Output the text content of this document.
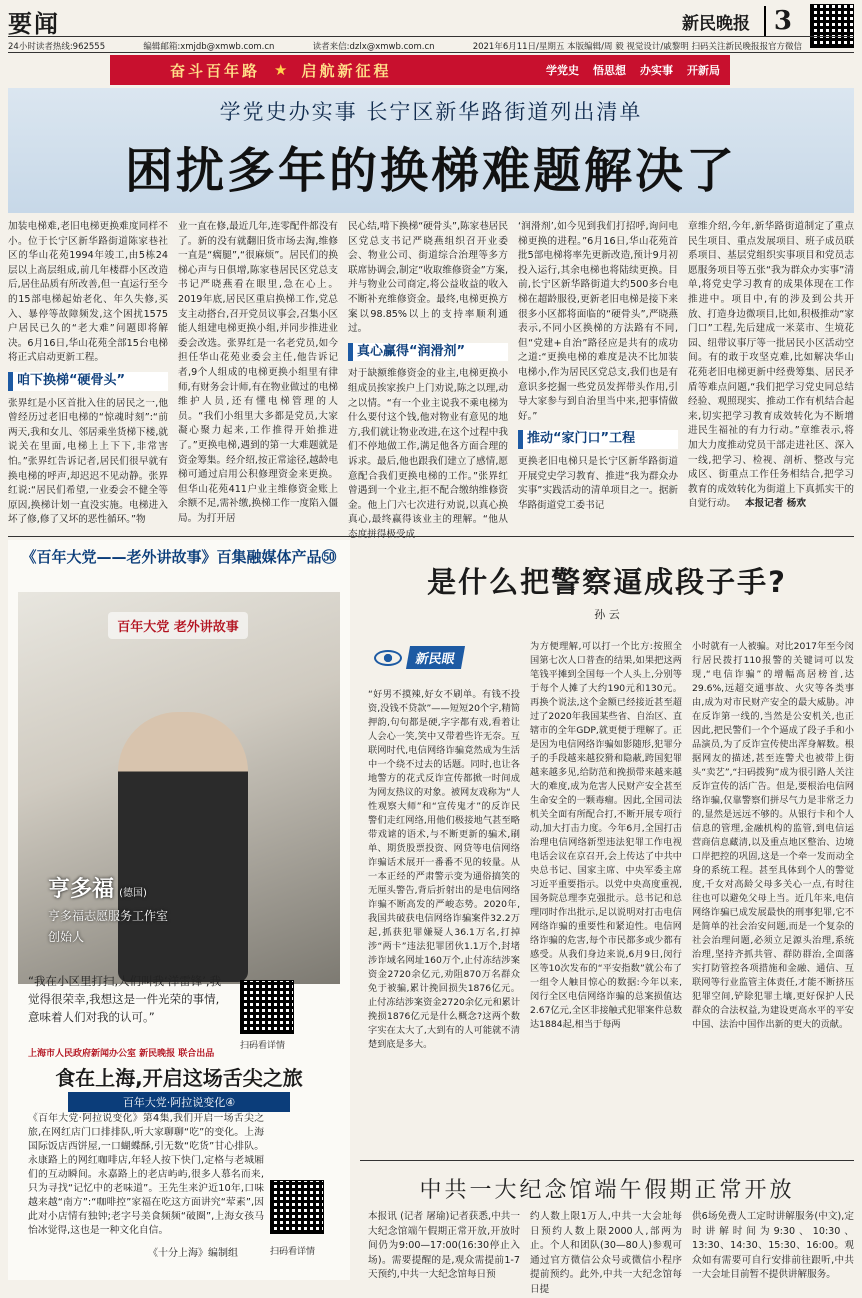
要闻	新民晚报 3
24小时读者热线:962555	编辑邮箱:xmjdb@xmwb.com.cn	读者来信:dzlx@xmwb.com.cn	2021年6月11日/星期五 本版编辑/周 毅 视觉设计/戚黎明 扫码关注新民晚报报官方微信
奋斗百年路 ★ 启航新征程	学党史 悟思想 办实事 开新局
学党史办实事 长宁区新华路街道列出清单
困扰多年的换梯难题解决了
加装电梯难,老旧电梯更换难度同样不小。位于长宁区新华路街道陈家巷社区的华山花苑1994年竣工,由5栋24层以上高层组成,前几年楼群小区改造后,居住品质有所改善,但一直运行至今的15部电梯起始老化、年久失修,买入、暴停等故障频发,这个困扰1575户居民已久的“老大难”问题即将解决。6月16日,华山花苑全部15台电梯将正式启动更新工程。
咱下换梯“硬骨头”
张界红是小区首批入住的居民之一,他曾经历过老旧电梯的“惊魂时刻”:“前两天,我和女儿、邻居乘坐货梯下楼,就说关在里面,电梯上上下下,非常害怕。”张界红告诉记者,居民们很早就有换电梯的呼声,却迟迟不见动静。张界红说:“居民们希望,一业委会不健全等原因,换梯计划一直没实施。电梯进入坏了修,修了又坏的恶性循环。”物
业一直在修,最近几年,连零配件都没有了。新的没有就翻旧货市场去淘,维修一直是“瘸腿”,“很麻烦”。居民们的换梯心声与日俱增,陈家巷居民区党总支书记严晓燕看在眼里,急在心上。2019年底,居民区重启换梯工作,党总支主动搭台,召开党员议事会,召集小区能人组建电梯更换小组,并同步推进业委会改选。张界红是一名老党员,如今担任华山花苑业委会主任,他告诉记者,9个人组成的电梯更换小组里有律师,有财务会计师,有在物业做过的电梯维护人员,还有懂电梯管理的人员。“我们小组里大多都是党员,大家凝心聚力起来,工作推得开始推进了。”更换电梯,遇到的第一大难题就是资金筹集。经介绍,按正常途径,越龄电梯可通过启用公积修理资金来更换。但华山花苑411户业主维修资金账上余额不足,需补缴,换梯工作一度陷入僵局。为打开居
民心结,啃下换梯“硬骨头”,陈家巷居民区党总支书记严晓燕组织召开业委会、物业公司、街道综合治理等多方联席协调会,制定“收取维修资金”方案,并与物业公司商定,将公益收益的收入不断补充维修资金。最终,电梯更换方案以98.85%以上的支持率顺利通过。
真心赢得“润滑剂”
对于缺额维修资金的业主,电梯更换小组成员挨家挨户上门劝说,陈之以理,动之以情。“有一个业主说我不乘电梯为什么要付这个钱,他对物业有意见的地方,我们就让物业改进,在这个过程中我们不停地做工作,满足他各方面合理的诉求。最后,他也跟我们建立了感情,愿意配合我们更换电梯的工作。”张界红曾遇到一个业主,拒不配合缴纳维修资金。他上门六七次进行劝说,以真心换真心,最终赢得该业主的理解。“他从态度拼得极受成
‘润滑剂’,如今见到我们打招呼,询问电梯更换的进程。”6月16日,华山花苑首批5部电梯将率先更新改造,预计9月初投入运行,其余电梯也将陆续更换。目前,长宁区新华路街道大约500多台电梯在超龄服役,更新老旧电梯是接下来很多小区都将面临的“硬骨头”,严晓燕表示,不同小区换梯的方法路有不同,但“党建+自治”路径应是共有的成功之道:“更换电梯的难度是决不比加装电梯小,作为居民区党总支,我们也是有意识多挖掘一些党员发挥带头作用,引导大家参与到自治里当中来,把事情做好。”
推动“家门口”工程
更换老旧电梯只是长宁区新华路街道开展党史学习教育、推进“我为群众办实事”实践活动的清单项目之一。据新华路街道党工委书记
章维介绍,今年,新华路街道制定了重点民生项目、重点发展项目、班子成员联系项目、基层党组织实事项目和党员志愿服务项目等五张“我为群众办实事”清单,将党史学习教育的成果体现在工作推进中。项目中,有的涉及到公共开放、打造身边微项目,比如,积极推动“家门口”工程,先后建成一米菜市、生境花园、纽带议事厅等一批居民小区活动空间。有的敢于攻坚克难,比如解决华山花苑老旧电梯更新中经费筹集、居民矛盾等难点问题,“我们把学习党史同总结经验、观照现实、推动工作有机结合起来,切实把学习教育成效转化为不断增进民生福祉的有力行动。”章维表示,将加大力度推动党员干部走进社区、深入一线,把学习、检视、剖析、整改与完成区、街重点工作任务相结合,把学习教育的成效转化为街道上下真抓实干的自觉行动。 本报记者 杨欢
《百年大党——老外讲故事》百集融媒体产品㊿
百年大党 老外讲故事
亨多福 (德国)
亨多福志愿服务工作室
创始人
“我在小区里打扫,人们叫我‘洋雷锋’,我觉得很荣幸,我想这是一件光荣的事情,意味着人们对我的认可。”
扫码看详情
上海市人民政府新闻办公室 新民晚报 联合出品
食在上海,开启这场舌尖之旅
百年大党·阿拉说变化④
《百年大党·阿拉说变化》第4集,我们开启一场舌尖之旅,在网红店门口排排队,听大家聊聊“吃”的变化。上海国际饭店西饼屋,一口蝴蝶酥,引无数“吃货”甘心排队。永康路上的网红咖啡店,年轻人按下快门,定格与老城厢们的互动瞬间。永嘉路上的老店屿屿,很多人慕名而来,只为寻找“记忆中的老味道”。王先生来沪近10年,口味越来越“南方”:“咖啡控”家福在吃这方面讲究“荤素”,因此对小店情有独钟;老字号美食频频“破圈”,上海女孩马怡冰觉得,这也是一种文化自信。
《十分上海》编制组	扫码看详情
是什么把警察逼成段子手?
孙 云
新民眼
“好男不摸辣,好女不刷单。有钱不投资,没钱不贷款”——短短20个字,精简押韵,句句都是硬,字字都有戏,看着让人会心一笑,笑中又带着些许无奈。互联网时代,电信网络诈骗竟然成为生活中一个绕不过去的话题。同时,也让各地警方的花式反诈宣传都掀一时间成为网友热议的对象。被网友戏称为“人性观察大师”和“宣传鬼才”的反诈民警们走红网络,用他们极接地气甚至略带戏谑的语术,与不断更新的骗术,刷单、期货股票投资、网贷等电信网络诈骗话术展开一番番不见的较量。从一本正经的严肃警示变为通俗搞笑的无厘头警告,背后折射出的是电信网络诈骗不断高发的严峻态势。2020年,我国共破获电信网络诈骗案件32.2万起,抓获犯罪嫌疑人36.1万名,打掉涉“两卡”违法犯罪团伙1.1万个,封堵涉诈域名网址160万个,止付冻结涉案资金2720余亿元,劝阻870万名群众免于被骗,累计挽回损失1876亿元。止付冻结涉案资金2720余亿元和累计挽损1876亿元是什么概念?这两个数字实在太大了,大到有的人可能就不清楚到底是多大。
为方便理解,可以打一个比方:按照全国第七次人口普查的结果,如果把这两笔钱平摊到全国每一个人头上,分别等于每个人摊了大约190元和130元。再换个说法,这个金额已经接近甚至超过了2020年我国某些省、自治区、直辖市的全年GDP,就更便于理解了。正是因为电信网络诈骗如影随形,犯罪分子的手段越来越狡猾和隐蔽,跨国犯罪越来越多见,给防范和挽损带来越来越大的难度,成为危害人民财产安全甚至生命安全的一颗毒瘤。因此,全国司法机关全面有所配合打,不断开展专项行动,加大打击力度。今年6月,全国打击治理电信网络新型违法犯罪工作电视电话会议在京召开,会上传达了中共中央总书记、国家主席、中央军委主席习近平重要指示。以党中央高度重视,国务院总理李克强批示。总书记和总理同时作出批示,足以说明对打击电信网络诈骗的重要性和紧迫性。电信网络诈骗的危害,每个市民都多或少都有感受。从我们身边来说,6月9日,闵行区等10次发布的“平安指数”就公布了一组令人触目惊心的数据:今年以来,闵行全区电信网络诈骗的总案损值达2.67亿元,全区非接触式犯罪案件总数达1884起,相当于每两
小时就有一人被骗。对比2017年至今闵行居民拨打110报警的关键词可以发现,“电信诈骗”的增幅高居榜首,达29.6%,远超交通事故、火灾等各类事由,成为对市民财产安全的最大威胁。冲在反诈第一线的,当然是公安机关,也正因此,把民警们一个个逼成了段子手和小品演员,为了反诈宣传使出浑身解数。根据网友的描述,甚至连警犬也被带上街头“卖艺”,“扫码拨狗”成为很引路人关注反诈宣传的活广告。但是,要根治电信网络诈骗,仅靠警察们拼尽气力是非常乏力的,显然是远远不够的。从银行卡和个人信息的管理,金融机构的监管,到电信运营商信息藏清,以及重点地区整治、边境口岸把控的巩固,这是一个牵一发而动全身的系统工程。甚至具体到个人的警觉度,千女对高龄父母多关心一点,有时往往也可以避免父母上当。近几年来,电信网络诈骗已成发展最快的刑事犯罪,它不是简单的社会治安问题,而是一个复杂的社会治理问题,必须立足源头治理,系统治理,坚持齐抓共管、群防群治,全面落实打防管控各项措施和金融、通信、互联网等行业监管主体责任,才能不断挤压犯罪空间,铲除犯罪土壤,更好保护人民群众的合法权益,为建设更高水平的平安中国、法治中国作出新的更大的贡献。
中共一大纪念馆端午假期正常开放
本报讯 (记者 屠瑜)记者获悉,中共一大纪念馆端午假期正常开放,开放时间仍为9:00—17:00(16:30停止入场)。需要提醒的是,观众需提前1-7天预约,中共一大纪念馆每日预
约人数上限1万人,中共一大会址每日预约人数上限2000人,部两为止。个人和团队(30—80人)参观可通过官方微信公众号或微信小程序提前预约。此外,中共一大纪念馆每日提
供6场免费人工定时讲解服务(中文),定时讲解时间为9:30、10:30、13:30、14:30、15:30、16:00。观众如有需要可自行安排前往跟听,中共一大会址目前暂不提供讲解服务。
